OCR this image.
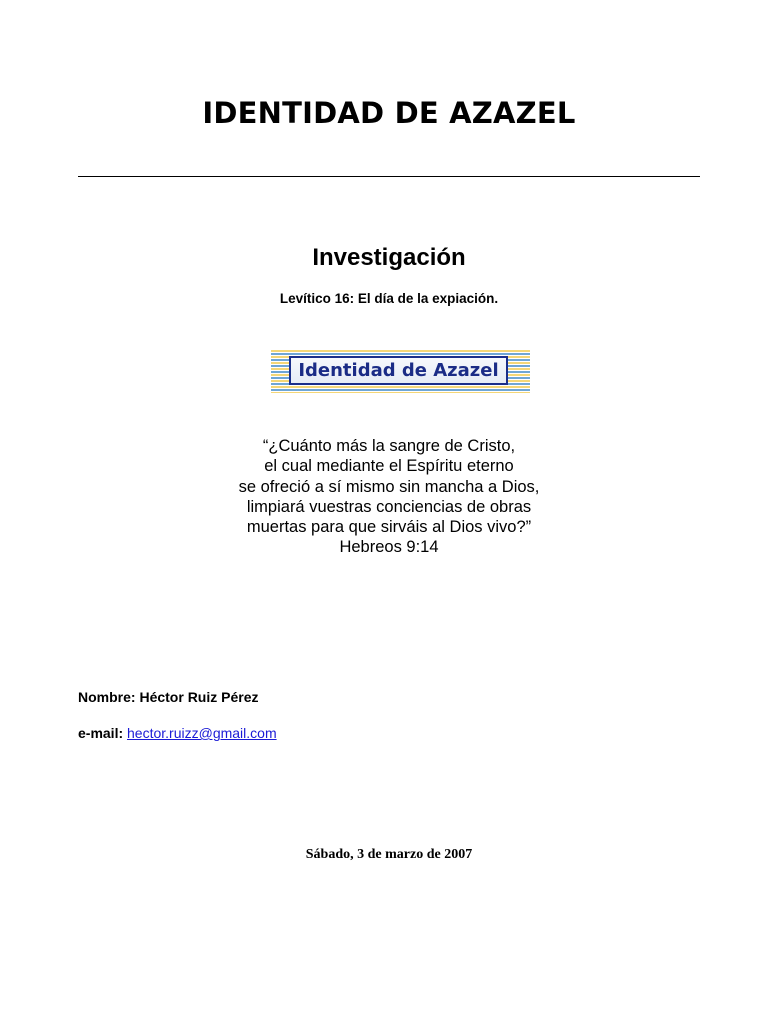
IDENTIDAD DE AZAZEL
Investigación

Levítico 16: El día de la expiación.

Identidad de Azazel
“¿Cuánto más la sangre de Cristo,
el cual mediante el Espíritu eterno
se ofreció a sí mismo sin mancha a Dios,
limpiará vuestras conciencias de obras
muertas para que sirváis al Dios vivo?”
Hebreos 9:14
Nombre: Héctor Ruiz Pérez
e-mail: hector.ruizz@gmail.com
Sábado, 3 de marzo de 2007
